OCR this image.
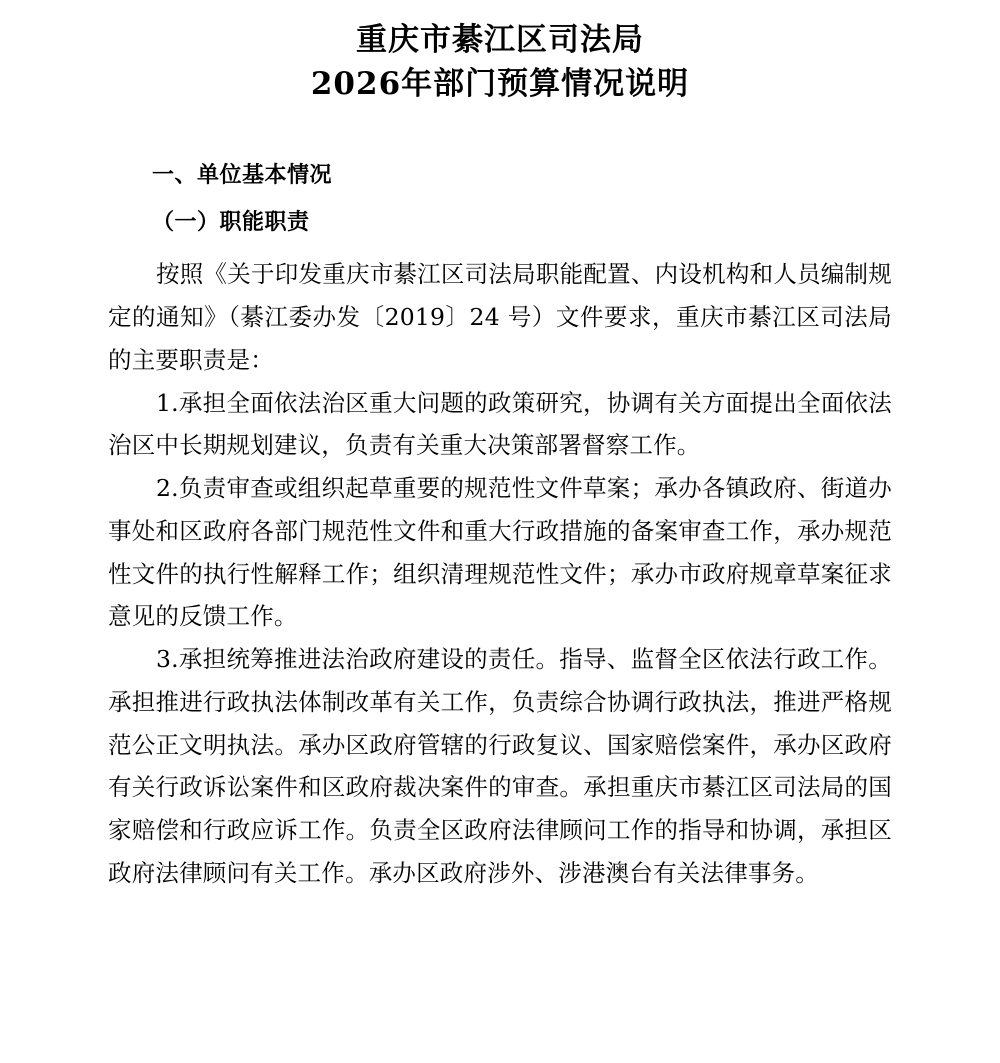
重庆市綦江区司法局
2026年部门预算情况说明

一、单位基本情况

（一）职能职责

按照《关于印发重庆市綦江区司法局职能配置、内设机构和人员编制规定的通知》（綦江委办发〔2019〕24 号）文件要求，重庆市綦江区司法局的主要职责是：

1.承担全面依法治区重大问题的政策研究，协调有关方面提出全面依法治区中长期规划建议，负责有关重大决策部署督察工作。

2.负责审查或组织起草重要的规范性文件草案；承办各镇政府、街道办事处和区政府各部门规范性文件和重大行政措施的备案审查工作，承办规范性文件的执行性解释工作；组织清理规范性文件；承办市政府规章草案征求意见的反馈工作。

3.承担统筹推进法治政府建设的责任。指导、监督全区依法行政工作。承担推进行政执法体制改革有关工作，负责综合协调行政执法，推进严格规范公正文明执法。承办区政府管辖的行政复议、国家赔偿案件，承办区政府有关行政诉讼案件和区政府裁决案件的审查。承担重庆市綦江区司法局的国家赔偿和行政应诉工作。负责全区政府法律顾问工作的指导和协调，承担区政府法律顾问有关工作。承办区政府涉外、涉港澳台有关法律事务。
